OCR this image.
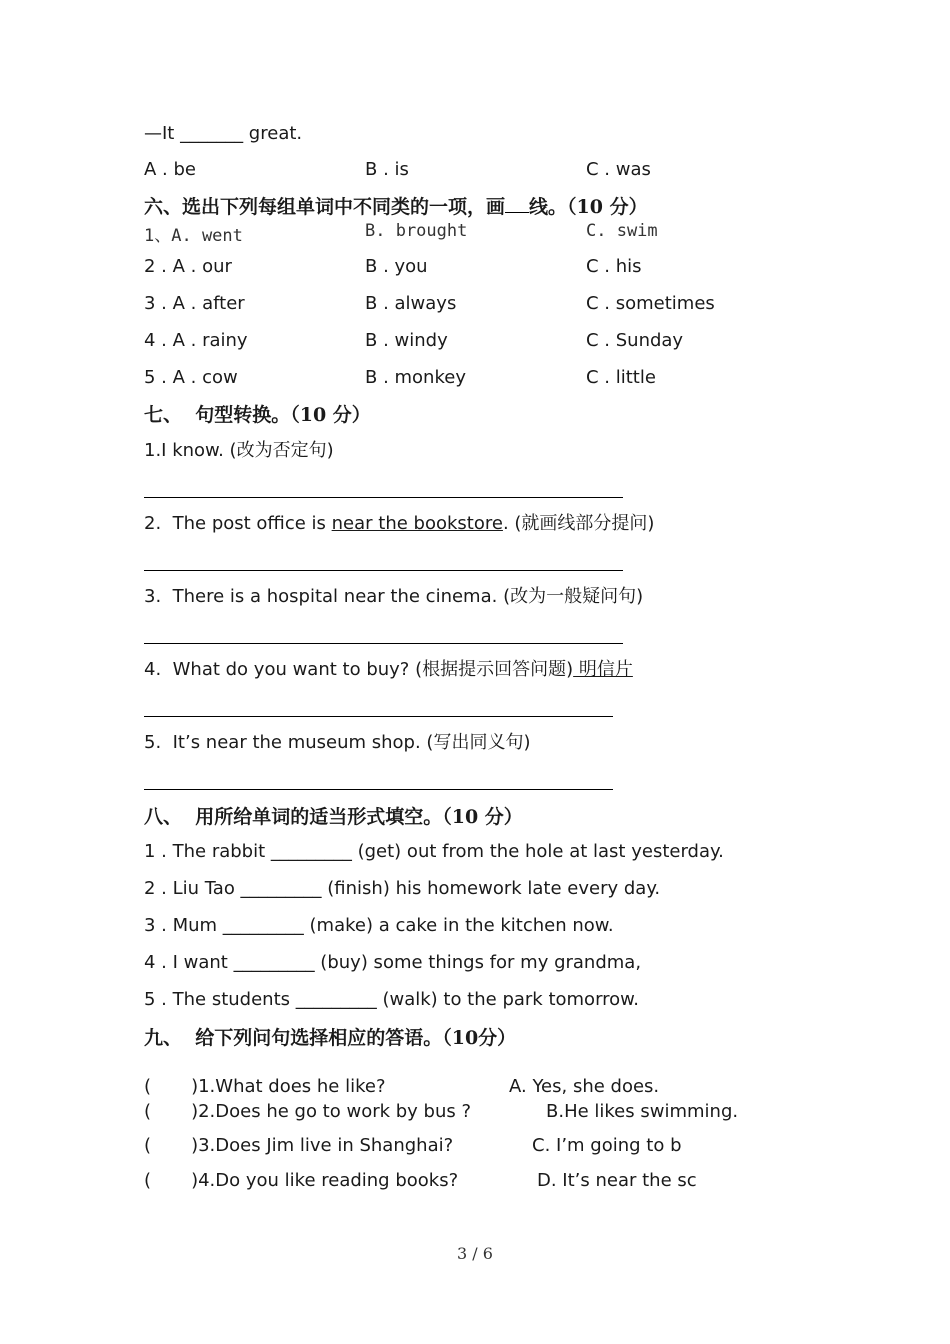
—It _______ great.
A . be	B . is	C . was
六、选出下列每组单词中不同类的一项，画 线。（10 分）
1、A. went	B. brought	C. swim
2 . A . our	B . you	C . his
3 . A . after	B . always	C . sometimes
4 . A . rainy	B . windy	C . Sunday
5 . A . cow	B . monkey	C . little
七、  句型转换。（10 分）
1.I know. (改为否定句)
2.  The post office is near the bookstore. (就画线部分提问)
3.  There is a hospital near the cinema. (改为一般疑问句)
4.  What do you want to buy? (根据提示回答问题) 明信片
5.  It’s near the museum shop. (写出同义句)
八、  用所给单词的适当形式填空。（10 分）
1 . The rabbit _________ (get) out from the hole at last yesterday.
2 . Liu Tao _________ (finish) his homework late every day.
3 . Mum _________ (make) a cake in the kitchen now.
4 . I want _________ (buy) some things for my grandma,
5 . The students _________ (walk) to the park tomorrow.
九、  给下列问句选择相应的答语。（10分）
(       )1.What does he like?	A. Yes, she does.
(       )2.Does he go to work by bus ?	B.He likes swimming.
(       )3.Does Jim live in Shanghai?	C. I’m going to b
(       )4.Do you like reading books?	D. It’s near the sc
3 / 6
